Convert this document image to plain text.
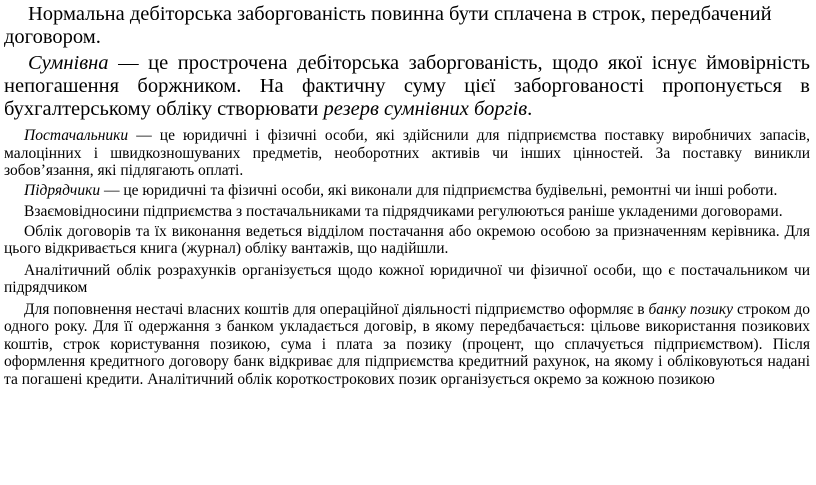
Нормальна дебіторська заборгованість повинна бути сплачена в строк, передбачений договором.

Сумнівна — це прострочена дебіторська заборгованість, щодо якої існує ймовірність непогашення боржником. На фактичну суму цієї заборгованості пропонується в бухгалтерському обліку створювати резерв сумнівних боргів.

Постачальники — це юридичні і фізичні особи, які здійснили для підприємства поставку виробничих запасів, малоцінних і швидкозношуваних предметів, необоротних активів чи інших цінностей. За поставку виникли зобов’язання, які підлягають оплаті.

Підрядчики — це юридичні та фізичні особи, які виконали для підприємства будівельні, ремонтні чи інші роботи.

Взаємовідносини підприємства з постачальниками та підрядчиками регулюються раніше укладеними договорами.

Облік договорів та їх виконання ведеться відділом постачання або окремою особою за призначенням керівника. Для цього відкривається книга (журнал) обліку вантажів, що надійшли.

Аналітичний облік розрахунків організується щодо кожної юридичної чи фізичної особи, що є постачальником чи підрядчиком

Для поповнення нестачі власних коштів для операційної діяльності підприємство оформляє в банку позику строком до одного року. Для її одержання з банком укладається договір, в якому передбачається: цільове використання позикових коштів, строк користування позикою, сума і плата за позику (процент, що сплачується підприємством). Після оформлення кредитного договору банк відкриває для підприємства кредитний рахунок, на якому і обліковуються надані та погашені кредити. Аналітичний облік короткострокових позик організується окремо за кожною позикою
